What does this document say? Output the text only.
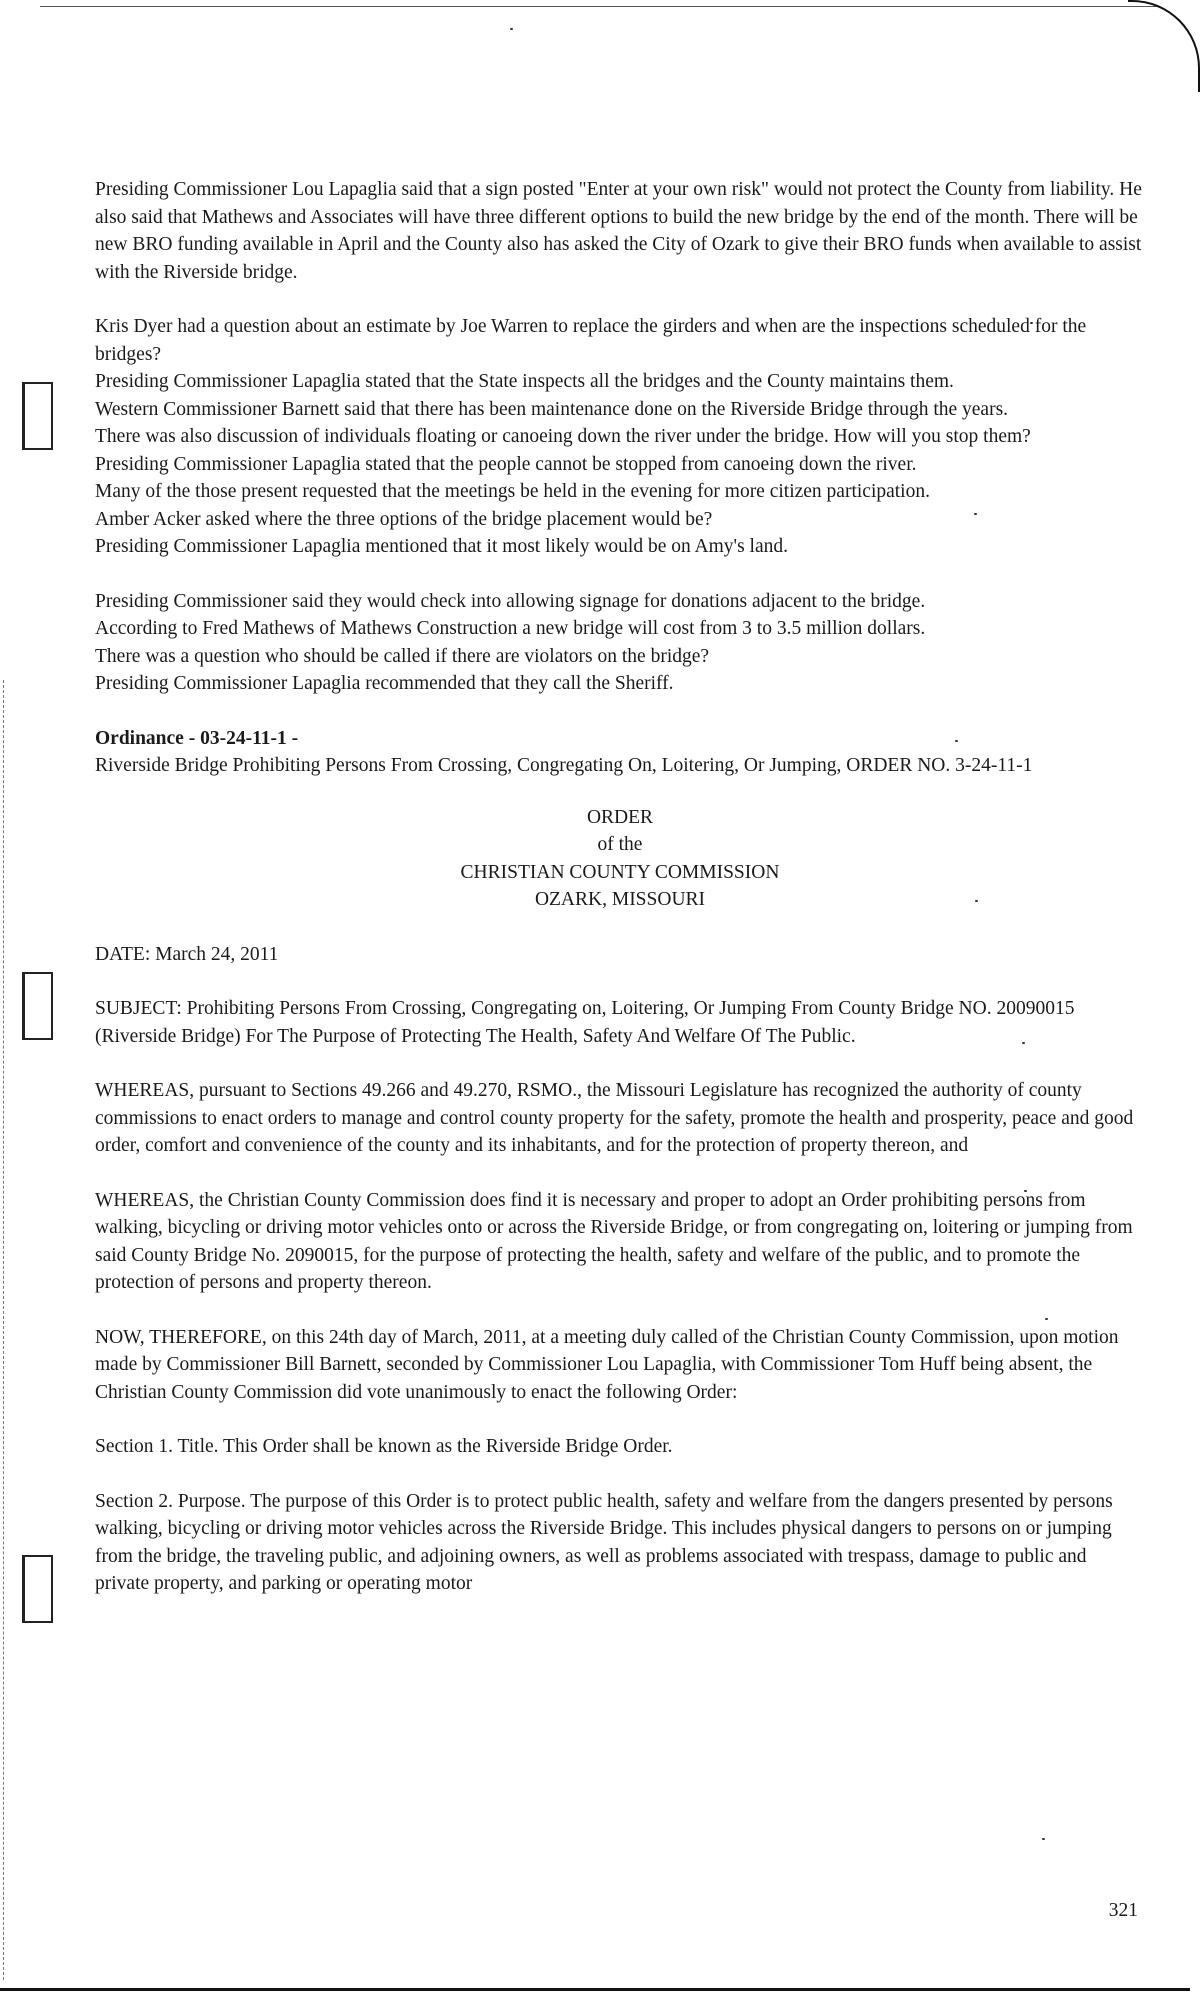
Presiding Commissioner Lou Lapaglia said that a sign posted "Enter at your own risk" would not protect the County from liability. He also said that Mathews and Associates will have three different options to build the new bridge by the end of the month. There will be new BRO funding available in April and the County also has asked the City of Ozark to give their BRO funds when available to assist with the Riverside bridge.

Kris Dyer had a question about an estimate by Joe Warren to replace the girders and when are the inspections scheduled for the bridges?

Presiding Commissioner Lapaglia stated that the State inspects all the bridges and the County maintains them.

Western Commissioner Barnett said that there has been maintenance done on the Riverside Bridge through the years.

There was also discussion of individuals floating or canoeing down the river under the bridge. How will you stop them?

Presiding Commissioner Lapaglia stated that the people cannot be stopped from canoeing down the river.

Many of the those present requested that the meetings be held in the evening for more citizen participation.

Amber Acker asked where the three options of the bridge placement would be?

Presiding Commissioner Lapaglia mentioned that it most likely would be on Amy's land.

Presiding Commissioner said they would check into allowing signage for donations adjacent to the bridge.

According to Fred Mathews of Mathews Construction a new bridge will cost from 3 to 3.5 million dollars.

There was a question who should be called if there are violators on the bridge?

Presiding Commissioner Lapaglia recommended that they call the Sheriff.

Ordinance - 03-24-11-1 -

Riverside Bridge Prohibiting Persons From Crossing, Congregating On, Loitering, Or Jumping, ORDER NO. 3-24-11-1

ORDER

of the

CHRISTIAN COUNTY COMMISSION

OZARK, MISSOURI

DATE: March 24, 2011

SUBJECT: Prohibiting Persons From Crossing, Congregating on, Loitering, Or Jumping From County Bridge NO. 20090015 (Riverside Bridge) For The Purpose of Protecting The Health, Safety And Welfare Of The Public.

WHEREAS, pursuant to Sections 49.266 and 49.270, RSMO., the Missouri Legislature has recognized the authority of county commissions to enact orders to manage and control county property for the safety, promote the health and prosperity, peace and good order, comfort and convenience of the county and its inhabitants, and for the protection of property thereon, and

WHEREAS, the Christian County Commission does find it is necessary and proper to adopt an Order prohibiting persons from walking, bicycling or driving motor vehicles onto or across the Riverside Bridge, or from congregating on, loitering or jumping from said County Bridge No. 2090015, for the purpose of protecting the health, safety and welfare of the public, and to promote the protection of persons and property thereon.

NOW, THEREFORE, on this 24th day of March, 2011, at a meeting duly called of the Christian County Commission, upon motion made by Commissioner Bill Barnett, seconded by Commissioner Lou Lapaglia, with Commissioner Tom Huff being absent, the Christian County Commission did vote unanimously to enact the following Order:

Section 1. Title. This Order shall be known as the Riverside Bridge Order.

Section 2. Purpose. The purpose of this Order is to protect public health, safety and welfare from the dangers presented by persons walking, bicycling or driving motor vehicles across the Riverside Bridge. This includes physical dangers to persons on or jumping from the bridge, the traveling public, and adjoining owners, as well as problems associated with trespass, damage to public and private property, and parking or operating motor

321
